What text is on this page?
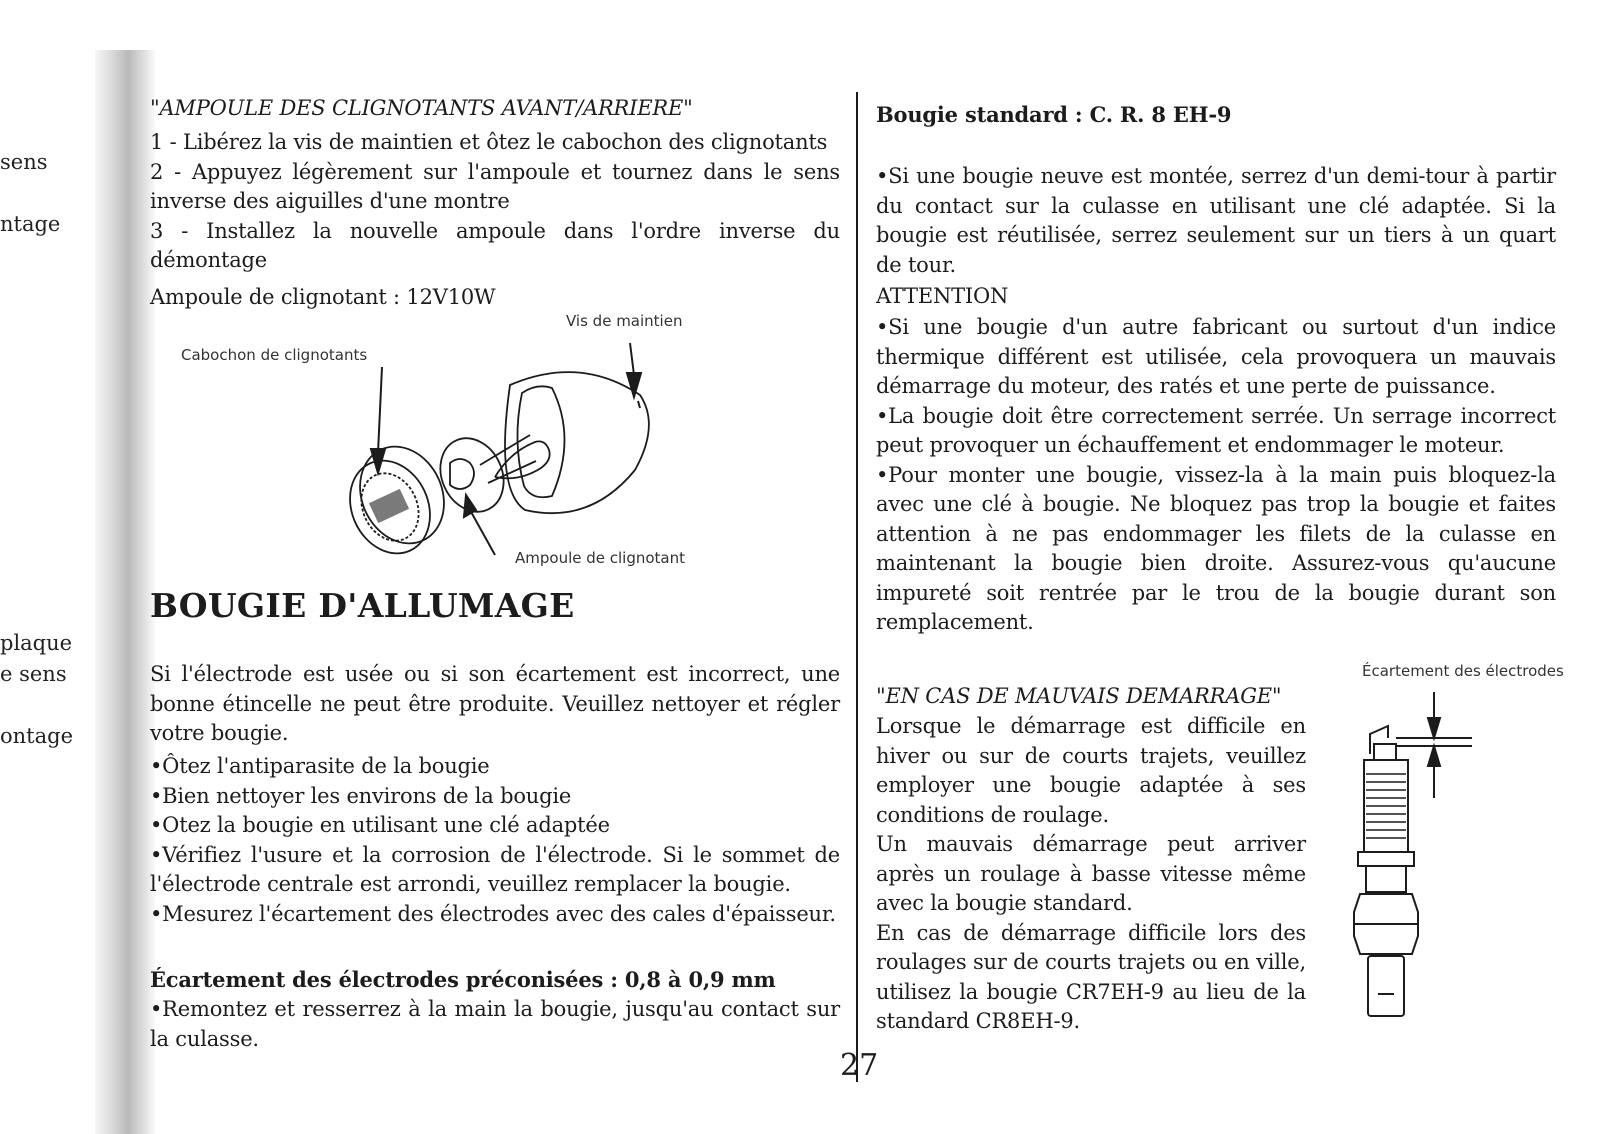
sens
ntage
plaque
e sens
ontage
"AMPOULE DES CLIGNOTANTS AVANT/ARRIERE"

1 - Libérez la vis de maintien et ôtez le cabochon des clignotants

2 - Appuyez légèrement sur l'ampoule et tournez dans le sens inverse des aiguilles d'une montre

3 - Installez la nouvelle ampoule dans l'ordre inverse du démontage

Ampoule de clignotant : 12V10W
Vis de maintien
Cabochon de clignotants
Ampoule de clignotant
BOUGIE D'ALLUMAGE
Si l'électrode est usée ou si son écartement est incorrect, une bonne étincelle ne peut être produite. Veuillez nettoyer et régler votre bougie.

•Ôtez l'antiparasite de la bougie

•Bien nettoyer les environs de la bougie

•Otez la bougie en utilisant une clé adaptée

•Vérifiez l'usure et la corrosion de l'électrode. Si le sommet de l'électrode centrale est arrondi, veuillez remplacer la bougie.

•Mesurez l'écartement des électrodes avec des cales d'épaisseur.

Écartement des électrodes préconisées : 0,8 à 0,9 mm
•Remontez et resserrez à la main la bougie, jusqu'au contact sur la culasse.
Bougie standard : C. R. 8 EH-9
•Si une bougie neuve est montée, serrez d'un demi-tour à partir du contact sur la culasse en utilisant une clé adaptée. Si la bougie est réutilisée, serrez seulement sur un tiers à un quart de tour.
ATTENTION

•Si une bougie d'un autre fabricant ou surtout d'un indice thermique différent est utilisée, cela provoquera un mauvais démarrage du moteur, des ratés et une perte de puissance.

•La bougie doit être correctement serrée. Un serrage incorrect peut provoquer un échauffement et endommager le moteur.

•Pour monter une bougie, vissez-la à la main puis bloquez-la avec une clé à bougie. Ne bloquez pas trop la bougie et faites attention à ne pas endommager les filets de la culasse en maintenant la bougie bien droite. Assurez-vous qu'aucune impureté soit rentrée par le trou de la bougie durant son remplacement.

"EN CAS DE MAUVAIS DEMARRAGE"

Lorsque le démarrage est difficile en hiver ou sur de courts trajets, veuillez employer une bougie adaptée à ses conditions de roulage.

Un mauvais démarrage peut arriver après un roulage à basse vitesse même avec la bougie standard.

En cas de démarrage difficile lors des roulages sur de courts trajets ou en ville, utilisez la bougie CR7EH-9 au lieu de la standard CR8EH-9.

Écartement des électrodes
27
